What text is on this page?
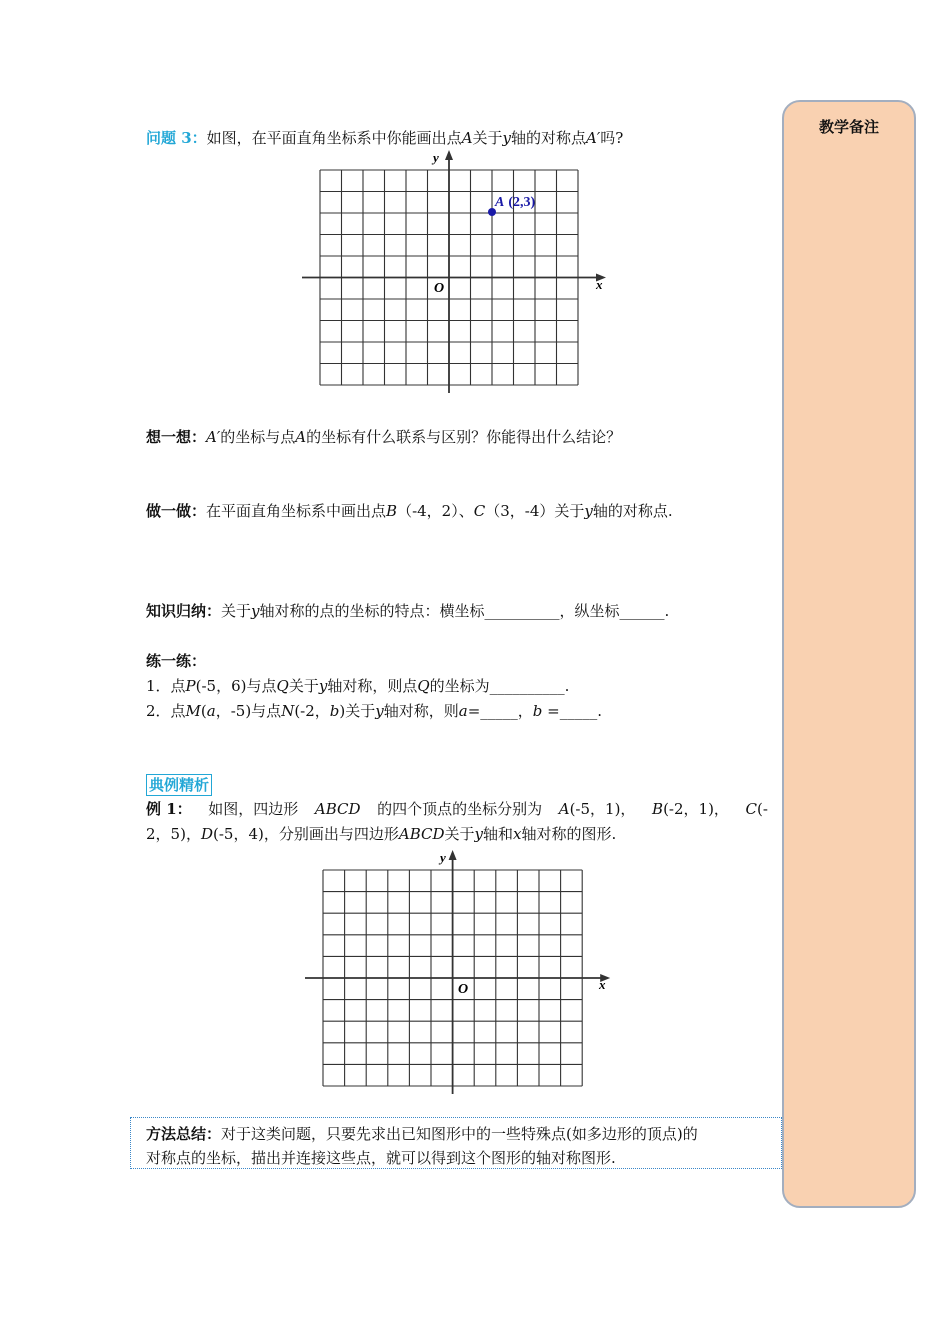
教学备注
问题 3：如图，在平面直角坐标系中你能画出点A关于y轴的对称点A′吗?
y
x
O
A (2,3)
想一想：A′的坐标与点A的坐标有什么联系与区别？你能得出什么结论？
做一做：在平面直角坐标系中画出点B（-4，2）、C（3，-4）关于y轴的对称点.
知识归纳：关于y轴对称的点的坐标的特点：横坐标__________，纵坐标______.
练一练：
1．点P(-5，6)与点Q关于y轴对称，则点Q的坐标为__________.
2．点M(a，-5)与点N(-2，b)关于y轴对称，则a=_____，b =_____.
典例精析
例 1： 如图，四边形 ABCD 的四个顶点的坐标分别为 A(-5，1)， B(-2，1)， C(-
2，5)，D(-5，4)，分别画出与四边形ABCD关于y轴和x轴对称的图形.
y
x
O
方法总结：对于这类问题，只要先求出已知图形中的一些特殊点(如多边形的顶点)的
对称点的坐标，描出并连接这些点，就可以得到这个图形的轴对称图形.
